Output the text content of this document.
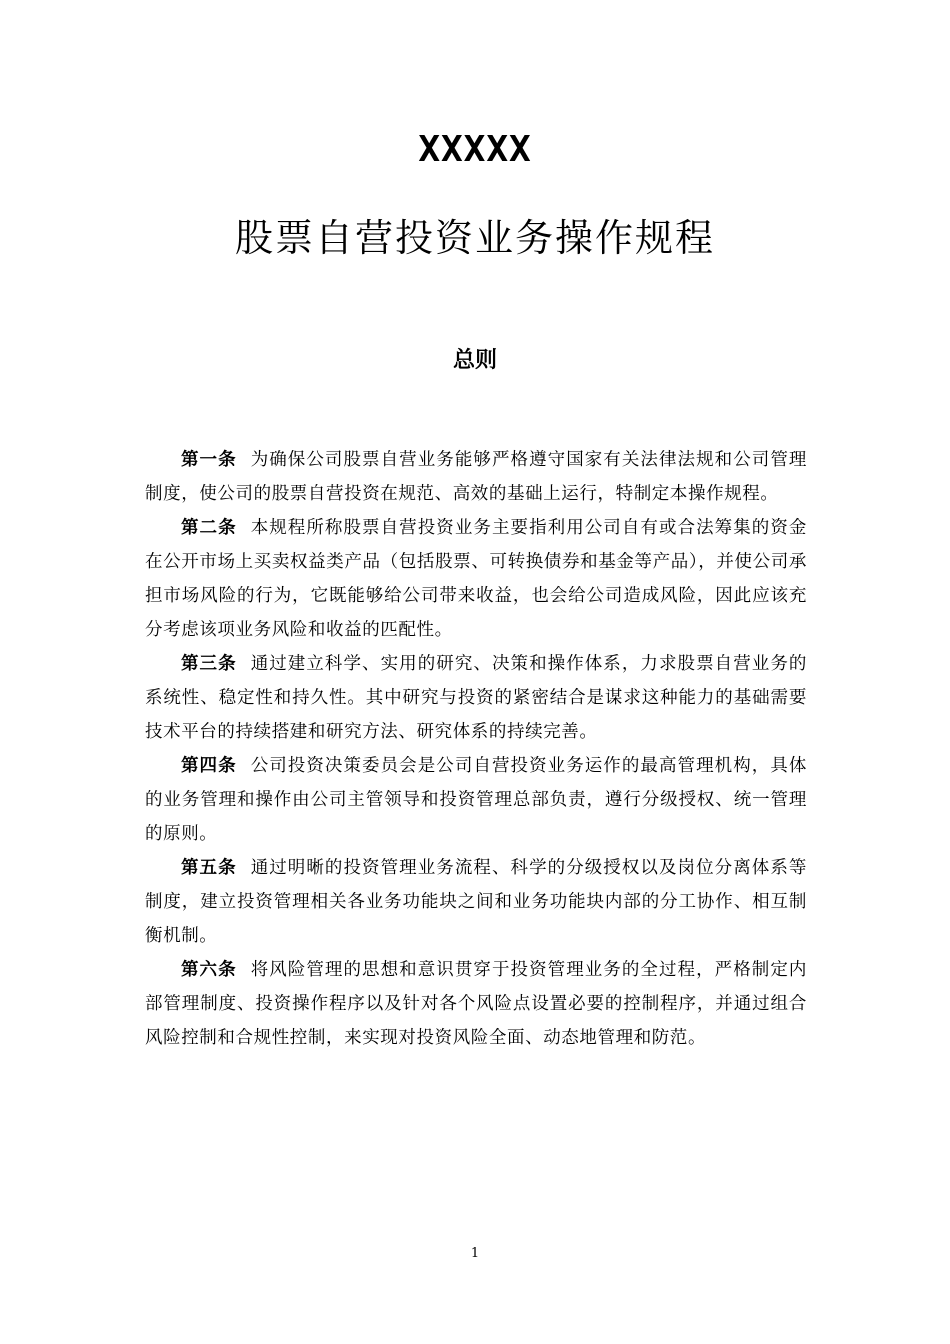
XXXXX
股票自营投资业务操作规程
总则

第一条 为确保公司股票自营业务能够严格遵守国家有关法律法规和公司管理制度，使公司的股票自营投资在规范、高效的基础上运行，特制定本操作规程。

第二条 本规程所称股票自营投资业务主要指利用公司自有或合法筹集的资金在公开市场上买卖权益类产品（包括股票、可转换债券和基金等产品），并使公司承担市场风险的行为，它既能够给公司带来收益，也会给公司造成风险，因此应该充分考虑该项业务风险和收益的匹配性。

第三条 通过建立科学、实用的研究、决策和操作体系，力求股票自营业务的系统性、稳定性和持久性。其中研究与投资的紧密结合是谋求这种能力的基础需要技术平台的持续搭建和研究方法、研究体系的持续完善。

第四条 公司投资决策委员会是公司自营投资业务运作的最高管理机构，具体的业务管理和操作由公司主管领导和投资管理总部负责，遵行分级授权、统一管理的原则。

第五条 通过明晰的投资管理业务流程、科学的分级授权以及岗位分离体系等制度，建立投资管理相关各业务功能块之间和业务功能块内部的分工协作、相互制衡机制。

第六条 将风险管理的思想和意识贯穿于投资管理业务的全过程，严格制定内部管理制度、投资操作程序以及针对各个风险点设置必要的控制程序，并通过组合风险控制和合规性控制，来实现对投资风险全面、动态地管理和防范。

1
